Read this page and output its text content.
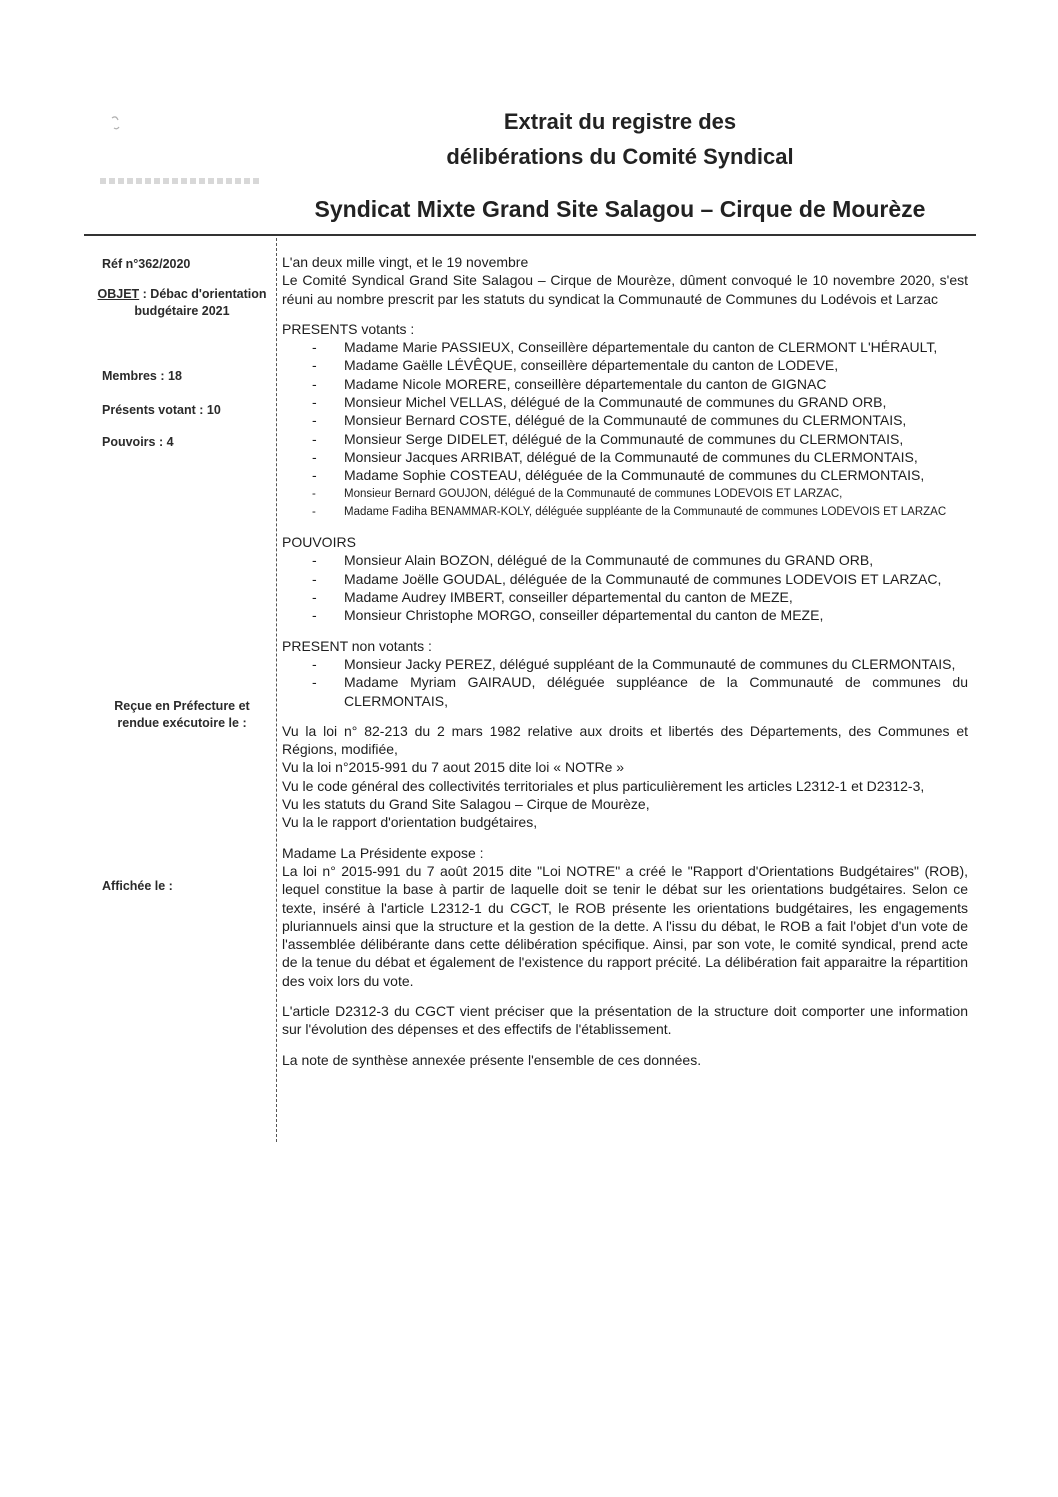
Extrait du registre des
délibérations du Comité Syndical
Syndicat Mixte Grand Site Salagou – Cirque de Mourèze
Réf n°362/2020
OBJET : Débac d'orientation budgétaire 2021
Membres : 18
Présents votant : 10
Pouvoirs : 4
Reçue en Préfecture et rendue exécutoire le :
Affichée le :

L'an deux mille vingt, et le 19 novembre

Le Comité Syndical Grand Site Salagou – Cirque de Mourèze, dûment convoqué le 10 novembre 2020, s'est réuni au nombre prescrit par les statuts du syndicat la Communauté de Communes du Lodévois et Larzac

PRESENTS votants :

- Madame Marie PASSIEUX, Conseillère départementale du canton de CLERMONT L'HÉRAULT,
- Madame Gaëlle LÉVÊQUE, conseillère départementale du canton de LODEVE,
- Madame Nicole MORERE, conseillère départementale du canton de GIGNAC
- Monsieur Michel VELLAS, délégué de la Communauté de communes du GRAND ORB,
- Monsieur Bernard COSTE, délégué de la Communauté de communes du CLERMONTAIS,
- Monsieur Serge DIDELET, délégué de la Communauté de communes du CLERMONTAIS,
- Monsieur Jacques ARRIBAT, délégué de la Communauté de communes du CLERMONTAIS,
- Madame Sophie COSTEAU, déléguée de la Communauté de communes du CLERMONTAIS,
- Monsieur Bernard GOUJON, délégué de la Communauté de communes LODEVOIS ET LARZAC,
- Madame Fadiha BENAMMAR-KOLY, déléguée suppléante de la Communauté de communes LODEVOIS ET LARZAC

POUVOIRS

- Monsieur Alain BOZON, délégué de la Communauté de communes du GRAND ORB,
- Madame Joëlle GOUDAL, déléguée de la Communauté de communes LODEVOIS ET LARZAC,
- Madame Audrey IMBERT, conseiller départemental du canton de MEZE,
- Monsieur Christophe MORGO, conseiller départemental du canton de MEZE,

PRESENT non votants :

- Monsieur Jacky PEREZ, délégué suppléant de la Communauté de communes du CLERMONTAIS,
- Madame Myriam GAIRAUD, déléguée suppléance de la Communauté de communes du CLERMONTAIS,

Vu la loi n° 82-213 du 2 mars 1982 relative aux droits et libertés des Départements, des Communes et Régions, modifiée,

Vu la loi n°2015-991 du 7 aout 2015 dite loi « NOTRe »

Vu le code général des collectivités territoriales et plus particulièrement les articles L2312-1 et D2312-3,

Vu les statuts du Grand Site Salagou – Cirque de Mourèze,

Vu la le rapport d'orientation budgétaires,

Madame La Présidente expose :

La loi n° 2015-991 du 7 août 2015 dite "Loi NOTRE" a créé le "Rapport d'Orientations Budgétaires" (ROB), lequel constitue la base à partir de laquelle doit se tenir le débat sur les orientations budgétaires. Selon ce texte, inséré à l'article L2312-1 du CGCT, le ROB présente les orientations budgétaires, les engagements pluriannuels ainsi que la structure et la gestion de la dette. A l'issu du débat, le ROB a fait l'objet d'un vote de l'assemblée délibérante dans cette délibération spécifique. Ainsi, par son vote, le comité syndical, prend acte de la tenue du débat et également de l'existence du rapport précité. La délibération fait apparaitre la répartition des voix lors du vote.

L'article D2312-3 du CGCT vient préciser que la présentation de la structure doit comporter une information sur l'évolution des dépenses et des effectifs de l'établissement.

La note de synthèse annexée présente l'ensemble de ces données.
